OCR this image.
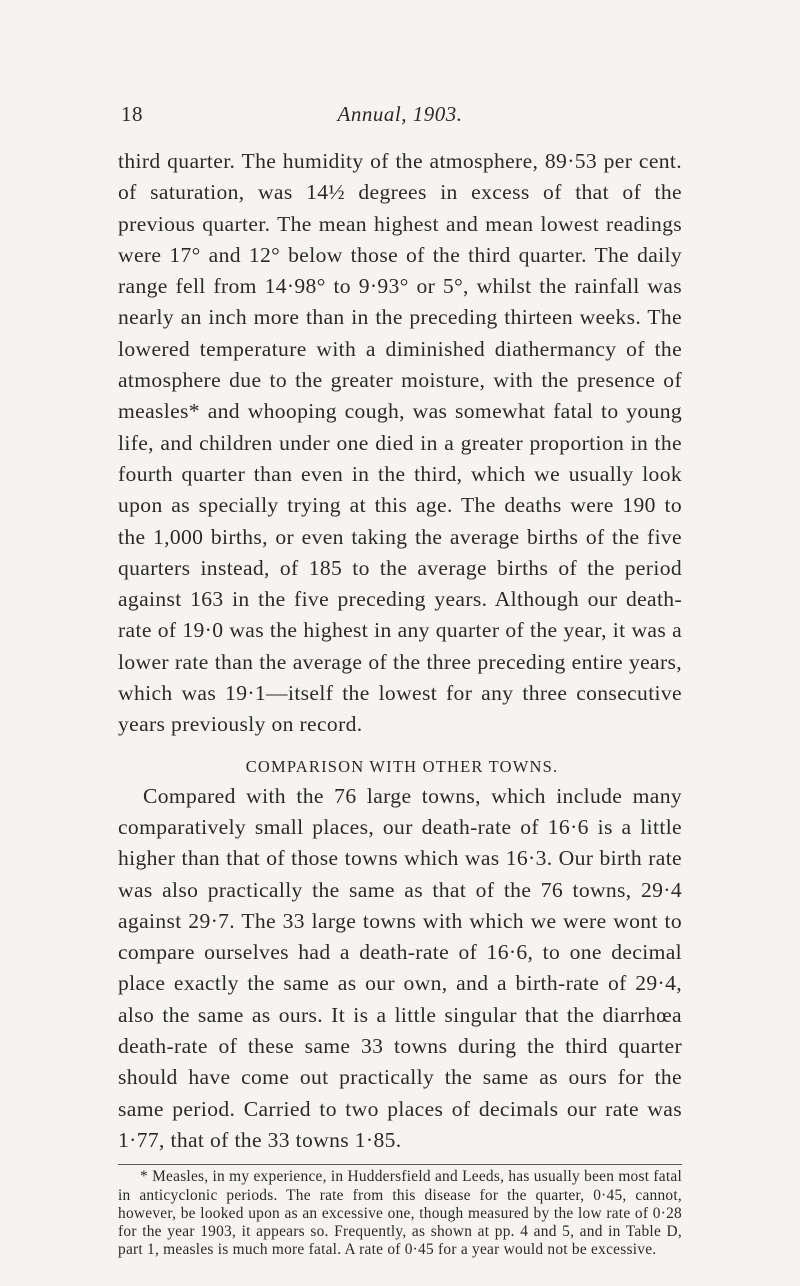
18	Annual, 1903.

third quarter. The humidity of the atmosphere, 89·53 per cent. of saturation, was 14½ degrees in excess of that of the previous quarter. The mean highest and mean lowest readings were 17° and 12° below those of the third quarter. The daily range fell from 14·98° to 9·93° or 5°, whilst the rainfall was nearly an inch more than in the preceding thirteen weeks. The lowered temperature with a diminished diathermancy of the atmosphere due to the greater moisture, with the presence of measles* and whooping cough, was somewhat fatal to young life, and children under one died in a greater proportion in the fourth quarter than even in the third, which we usually look upon as specially trying at this age. The deaths were 190 to the 1,000 births, or even taking the average births of the five quarters instead, of 185 to the average births of the period against 163 in the five preceding years. Although our death-rate of 19·0 was the highest in any quarter of the year, it was a lower rate than the average of the three preceding entire years, which was 19·1—itself the lowest for any three consecutive years previously on record.

COMPARISON WITH OTHER TOWNS.

Compared with the 76 large towns, which include many comparatively small places, our death-rate of 16·6 is a little higher than that of those towns which was 16·3. Our birth rate was also practically the same as that of the 76 towns, 29·4 against 29·7. The 33 large towns with which we were wont to compare ourselves had a death-rate of 16·6, to one decimal place exactly the same as our own, and a birth-rate of 29·4, also the same as ours. It is a little singular that the diarrhœa death-rate of these same 33 towns during the third quarter should have come out practically the same as ours for the same period. Carried to two places of decimals our rate was 1·77, that of the 33 towns 1·85.

* Measles, in my experience, in Huddersfield and Leeds, has usually been most fatal in anticyclonic periods. The rate from this disease for the quarter, 0·45, cannot, however, be looked upon as an excessive one, though measured by the low rate of 0·28 for the year 1903, it appears so. Frequently, as shown at pp. 4 and 5, and in Table D, part 1, measles is much more fatal. A rate of 0·45 for a year would not be excessive.
